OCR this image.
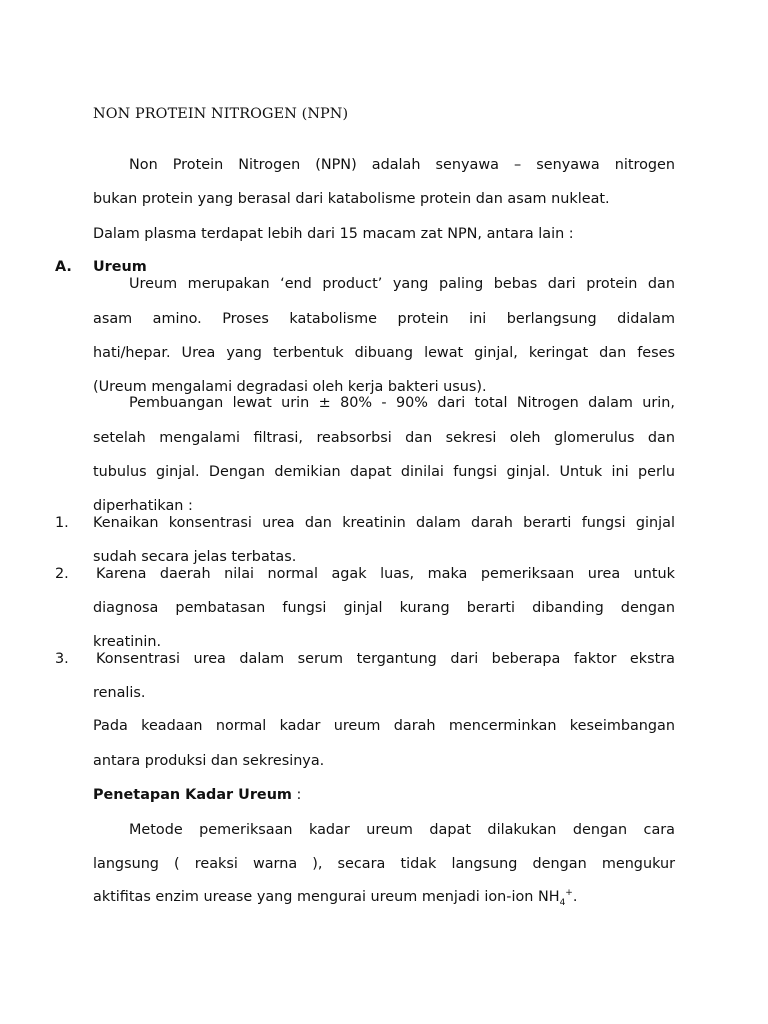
NON PROTEIN NITROGEN (NPN)
Non Protein Nitrogen (NPN) adalah senyawa – senyawa nitrogen
bukan protein yang berasal dari katabolisme protein dan asam nukleat.
Dalam plasma terdapat lebih dari 15 macam zat NPN, antara lain :
A. Ureum
Ureum merupakan ‘end product’ yang paling bebas dari protein dan
asam amino. Proses katabolisme protein ini berlangsung didalam
hati/hepar. Urea yang terbentuk dibuang lewat ginjal, keringat dan feses
(Ureum mengalami degradasi oleh kerja bakteri usus).
Pembuangan lewat urin ± 80% - 90% dari total Nitrogen dalam urin,
setelah mengalami filtrasi, reabsorbsi dan sekresi oleh glomerulus dan
tubulus ginjal. Dengan demikian dapat dinilai fungsi ginjal. Untuk ini perlu
diperhatikan :
1. Kenaikan konsentrasi urea dan kreatinin dalam darah berarti fungsi ginjal
sudah secara jelas terbatas.
2. Karena daerah nilai normal agak luas, maka pemeriksaan urea untuk
diagnosa pembatasan fungsi ginjal kurang berarti dibanding dengan
kreatinin.
3. Konsentrasi urea dalam serum tergantung dari beberapa faktor ekstra
renalis.
Pada keadaan normal kadar ureum darah mencerminkan keseimbangan
antara produksi dan sekresinya.
Penetapan Kadar Ureum :
Metode pemeriksaan kadar ureum dapat dilakukan dengan cara
langsung ( reaksi warna ), secara tidak langsung dengan mengukur
aktifitas enzim urease yang mengurai ureum menjadi ion-ion $NH_4^+$.
